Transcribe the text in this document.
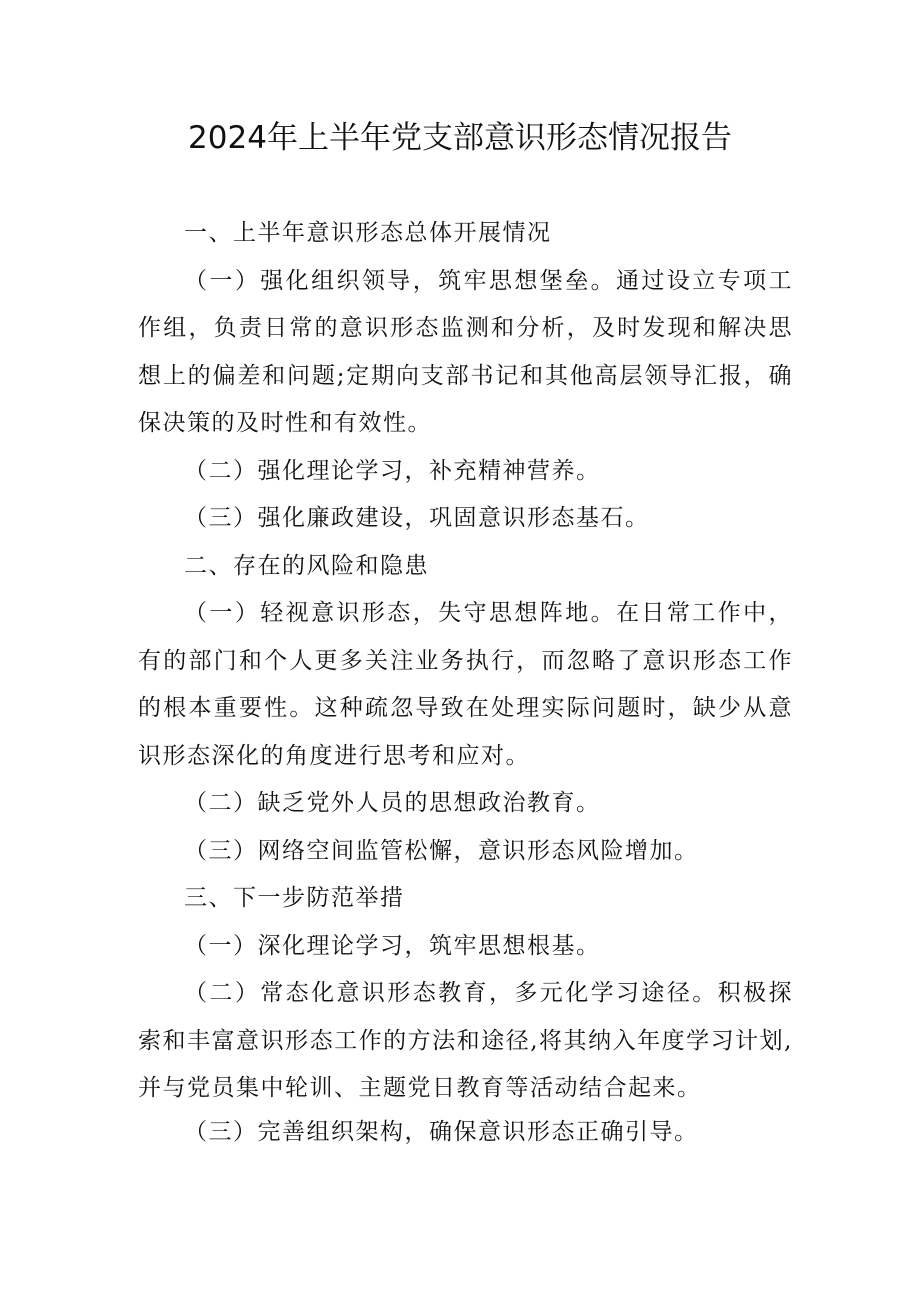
2024年上半年党支部意识形态情况报告

一、上半年意识形态总体开展情况

（一）强化组织领导，筑牢思想堡垒。通过设立专项工作组，负责日常的意识形态监测和分析，及时发现和解决思想上的偏差和问题;定期向支部书记和其他高层领导汇报，确保决策的及时性和有效性。

（二）强化理论学习，补充精神营养。

（三）强化廉政建设，巩固意识形态基石。

二、存在的风险和隐患

（一）轻视意识形态，失守思想阵地。在日常工作中，有的部门和个人更多关注业务执行，而忽略了意识形态工作的根本重要性。这种疏忽导致在处理实际问题时，缺少从意识形态深化的角度进行思考和应对。

（二）缺乏党外人员的思想政治教育。

（三）网络空间监管松懈，意识形态风险增加。

三、下一步防范举措

（一）深化理论学习，筑牢思想根基。

（二）常态化意识形态教育，多元化学习途径。积极探索和丰富意识形态工作的方法和途径,将其纳入年度学习计划,并与党员集中轮训、主题党日教育等活动结合起来。

（三）完善组织架构，确保意识形态正确引导。
